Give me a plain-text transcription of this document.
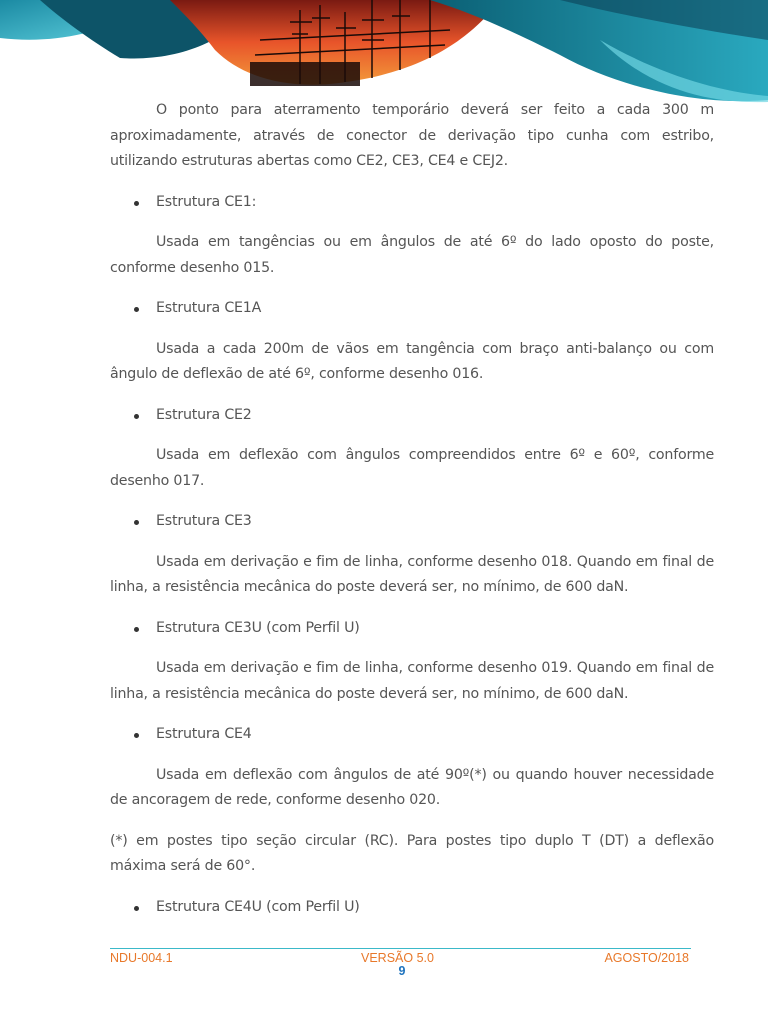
O ponto para aterramento temporário deverá ser feito a cada 300 m aproximadamente, através de conector de derivação tipo cunha com estribo, utilizando estruturas abertas como CE2, CE3, CE4 e CEJ2.

Estrutura CE1:

Usada em tangências ou em ângulos de até 6º do lado oposto do poste, conforme desenho 015.

Estrutura CE1A

Usada a cada 200m de vãos em tangência com braço anti-balanço ou com ângulo de deflexão de até 6º, conforme desenho 016.

Estrutura CE2

Usada em deflexão com ângulos compreendidos entre 6º e 60º, conforme desenho 017.

Estrutura CE3

Usada em derivação e fim de linha, conforme desenho 018. Quando em final de linha, a resistência mecânica do poste deverá ser, no mínimo, de 600 daN.

Estrutura CE3U (com Perfil U)

Usada em derivação e fim de linha, conforme desenho 019. Quando em final de linha, a resistência mecânica do poste deverá ser, no mínimo, de 600 daN.

Estrutura CE4

Usada em deflexão com ângulos de até 90º(*) ou quando houver necessidade de ancoragem de rede, conforme desenho 020.

(*) em postes tipo seção circular (RC). Para postes tipo duplo T (DT) a deflexão máxima será de 60°.

Estrutura CE4U (com Perfil U)
NDU-004.1	VERSÃO 5.0	AGOSTO/2018
9
